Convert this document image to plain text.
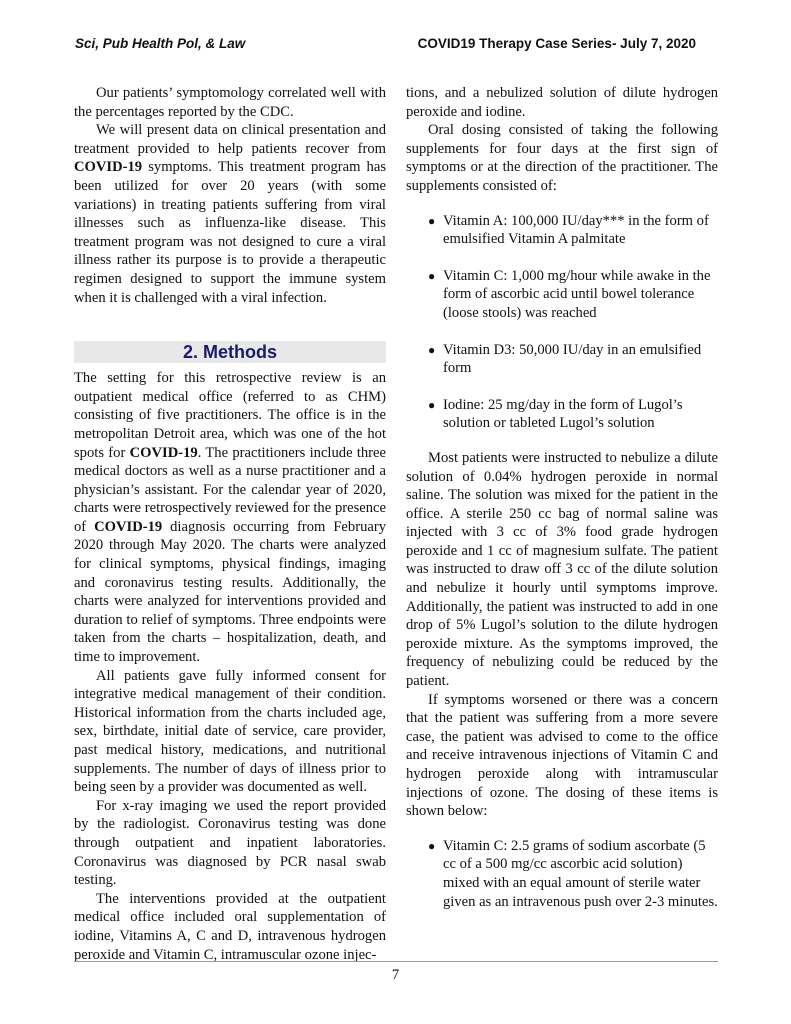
Sci, Pub Health Pol, & Law	COVID19 Therapy Case Series- July 7, 2020

Our patients’ symptomology correlated well with the percentages reported by the CDC.

We will present data on clinical presentation and treatment provided to help patients recover from COVID-19 symptoms. This treatment program has been utilized for over 20 years (with some variations) in treating patients suffering from viral illnesses such as influenza-like disease. This treatment program was not designed to cure a viral illness rather its purpose is to provide a therapeutic regimen designed to support the immune system when it is challenged with a viral infection.

2. Methods

The setting for this retrospective review is an outpatient medical office (referred to as CHM) consisting of five practitioners. The office is in the metropolitan Detroit area, which was one of the hot spots for COVID-19. The practitioners include three medical doctors as well as a nurse practitioner and a physician’s assistant. For the calendar year of 2020, charts were retrospectively reviewed for the presence of COVID-19 diagnosis occurring from February 2020 through May 2020. The charts were analyzed for clinical symptoms, physical findings, imaging and coronavirus testing results. Additionally, the charts were analyzed for interventions provided and duration to relief of symptoms. Three endpoints were taken from the charts – hospitalization, death, and time to improvement.

All patients gave fully informed consent for integrative medical management of their condition. Historical information from the charts included age, sex, birthdate, initial date of service, care provider, past medical history, medications, and nutritional supplements. The number of days of illness prior to being seen by a provider was documented as well.

For x-ray imaging we used the report provided by the radiologist. Coronavirus testing was done through outpatient and inpatient laboratories. Coronavirus was diagnosed by PCR nasal swab testing.

The interventions provided at the outpatient medical office included oral supplementation of iodine, Vitamins A, C and D, intravenous hydrogen peroxide and Vitamin C, intramuscular ozone injec-

tions, and a nebulized solution of dilute hydrogen peroxide and iodine.

Oral dosing consisted of taking the following supplements for four days at the first sign of symptoms or at the direction of the practitioner. The supplements consisted of:

● Vitamin A: 100,000 IU/day*** in the form of emulsified Vitamin A palmitate
● Vitamin C: 1,000 mg/hour while awake in the form of ascorbic acid until bowel tolerance (loose stools) was reached
● Vitamin D3: 50,000 IU/day in an emulsified form
● Iodine: 25 mg/day in the form of Lugol’s solution or tableted Lugol’s solution

Most patients were instructed to nebulize a dilute solution of 0.04% hydrogen peroxide in normal saline. The solution was mixed for the patient in the office. A sterile 250 cc bag of normal saline was injected with 3 cc of 3% food grade hydrogen peroxide and 1 cc of magnesium sulfate. The patient was instructed to draw off 3 cc of the dilute solution and nebulize it hourly until symptoms improve. Additionally, the patient was instructed to add in one drop of 5% Lugol’s solution to the dilute hydrogen peroxide mixture. As the symptoms improved, the frequency of nebulizing could be reduced by the patient.

If symptoms worsened or there was a concern that the patient was suffering from a more severe case, the patient was advised to come to the office and receive intravenous injections of Vitamin C and hydrogen peroxide along with intramuscular injections of ozone. The dosing of these items is shown below:

● Vitamin C: 2.5 grams of sodium ascorbate (5 cc of a 500 mg/cc ascorbic acid solution) mixed with an equal amount of sterile water given as an intravenous push over 2-3 minutes.
7
